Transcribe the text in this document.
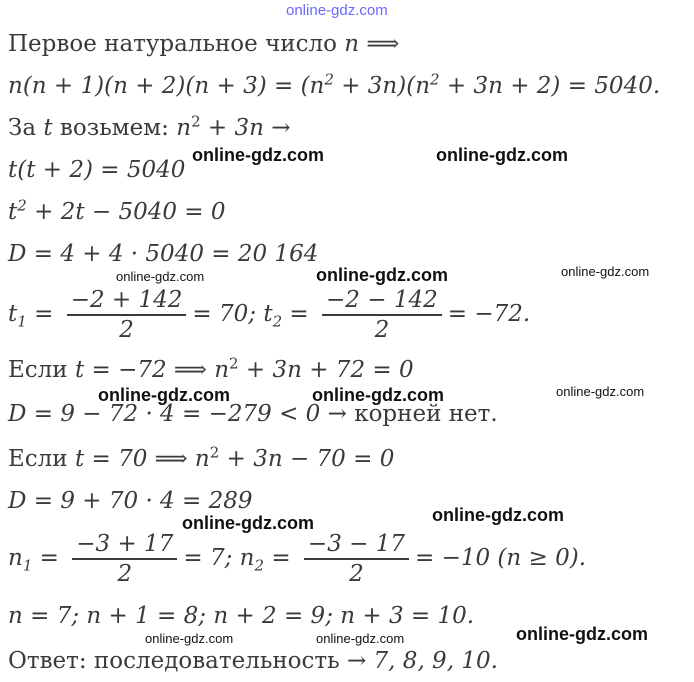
online-gdz.com
Первое натуральное число n ⟹
$n(n + 1)(n + 2)(n + 3) = (n^2 + 3n)(n^2 + 3n + 2) = 5040$.
За t возьмем: $n^2 + 3n$ →
t(t + 2) = 5040
$t^2 + 2t - 5040 = 0$
D = 4 + 4 · 5040 = 20 164
$t_1 = \frac{-2 + 142}{2} = 70$; $t_2 = \frac{-2 - 142}{2} = -72$.
Если t = −72 ⟹ $n^2 + 3n + 72 = 0$
D = 9 − 72 · 4 = −279 < 0 → корней нет.
Если t = 70 ⟹ $n^2 + 3n - 70 = 0$
D = 9 + 70 · 4 = 289
$n_1 = \frac{-3 + 17}{2} = 7$; $n_2 = \frac{-3 - 17}{2} = -10$ (n ≥ 0).
n = 7; n + 1 = 8; n + 2 = 9; n + 3 = 10.
Ответ: последовательность → 7, 8, 9, 10.
online-gdz.com	online-gdz.com
online-gdz.com	online-gdz.com	online-gdz.com
online-gdz.com	online-gdz.com	online-gdz.com
online-gdz.com	online-gdz.com
online-gdz.com	online-gdz.com	online-gdz.com
